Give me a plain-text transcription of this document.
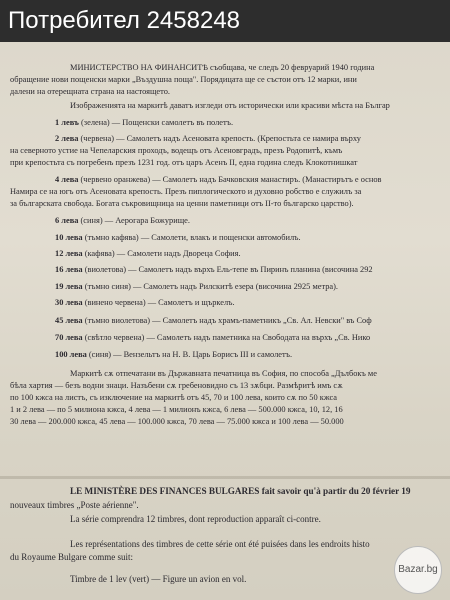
Потребител 2458248
МИНИСТЕРСТВО НА ФИНАНСИТѢ съобщава, че следъ 20 февруарий 1940 година
обращение нови пощенски марки „Въздушна поща". Порядицата ще се състои отъ 12 марки, ини
далени на отерещната страна на настоящето.
Изображенията на маркитѣ даватъ изгледи отъ исторически или красиви мѣста на Българ
1 левъ (зелена) — Пощенски самолетъ въ полетъ.
2 лева (червена) — Самолетъ надъ Асеновата крепость. (Крепостьта се намира върху
на северното устие на Чепеларския проходъ, водещъ отъ Асеновградъ, презъ Родопитѣ, къмъ
при крепостьта съ погребенъ презъ 1231 год. отъ царъ Асенъ II, една година следъ Клокотнишкат
4 лева (червено оранжева) — Самолетъ надъ Бачковския манастиръ. (Манастирътъ е основ
Намира се на югъ отъ Асеновата крепость. Презъ пиплогическото и духовно робство е служилъ за
за българската свобода. Богата съкровищница на ценни паметници отъ II-то българско царство).
6 лева (синя) — Аерогара Божурище.
10 лева (тъмно кафява) — Самолети, влакъ и пощенски автомобилъ.
12 лева (кафява) — Самолети надъ Двореца София.
16 лева (виолетова) — Самолетъ надъ върхъ Ель-тепе въ Пиринъ планина (височина 292
19 лева (тъмно синя) — Самолетъ надъ Рилскитѣ езера (височина 2925 метра).
30 лева (винено червена) — Самолетъ и щъркелъ.
45 лева (тъмно виолетова) — Самолетъ надъ храмъ-паметникъ „Св. Ал. Невски" въ Соф
70 лева (свѣтло червена) — Самолетъ надъ паметника на Свободата на върхъ „Св. Нико
100 лева (синя) — Вензельтъ на Н. В. Царь Борисъ III и самолетъ.
Маркитѣ сѫ отпечатани въ Държавната печатница въ София, по способа „Дълбокъ ме
бѣла хартия — безъ водни знаци. Назъбени сѫ гребеновидно съ 13 зѫбци. Размѣритѣ имъ сѫ
по 100 кжса на листъ, съ изключение на маркитѣ отъ 45, 70 и 100 лева, които сѫ по 50 кжса
1 и 2 лева — по 5 милиона кжса, 4 лева — 1 милионъ кжса, 6 лева — 500.000 кжса, 10, 12, 16
30 лева — 200.000 кжса, 45 лева — 100.000 кжса, 70 лева — 75.000 кжса и 100 лева — 50.000
LE MINISTÈRE DES FINANCES BULGARES fait savoir qu'à partir du 20 février 19
nouveaux timbres „Poste aérienne".
La série comprendra 12 timbres, dont reproduction apparaît ci-contre.
Les représentations des timbres de cette série ont été puisées dans les endroits histo
du Royaume Bulgare comme suit:
Timbre de 1 lev (vert) — Figure un avion en vol.
Bazar.bg
